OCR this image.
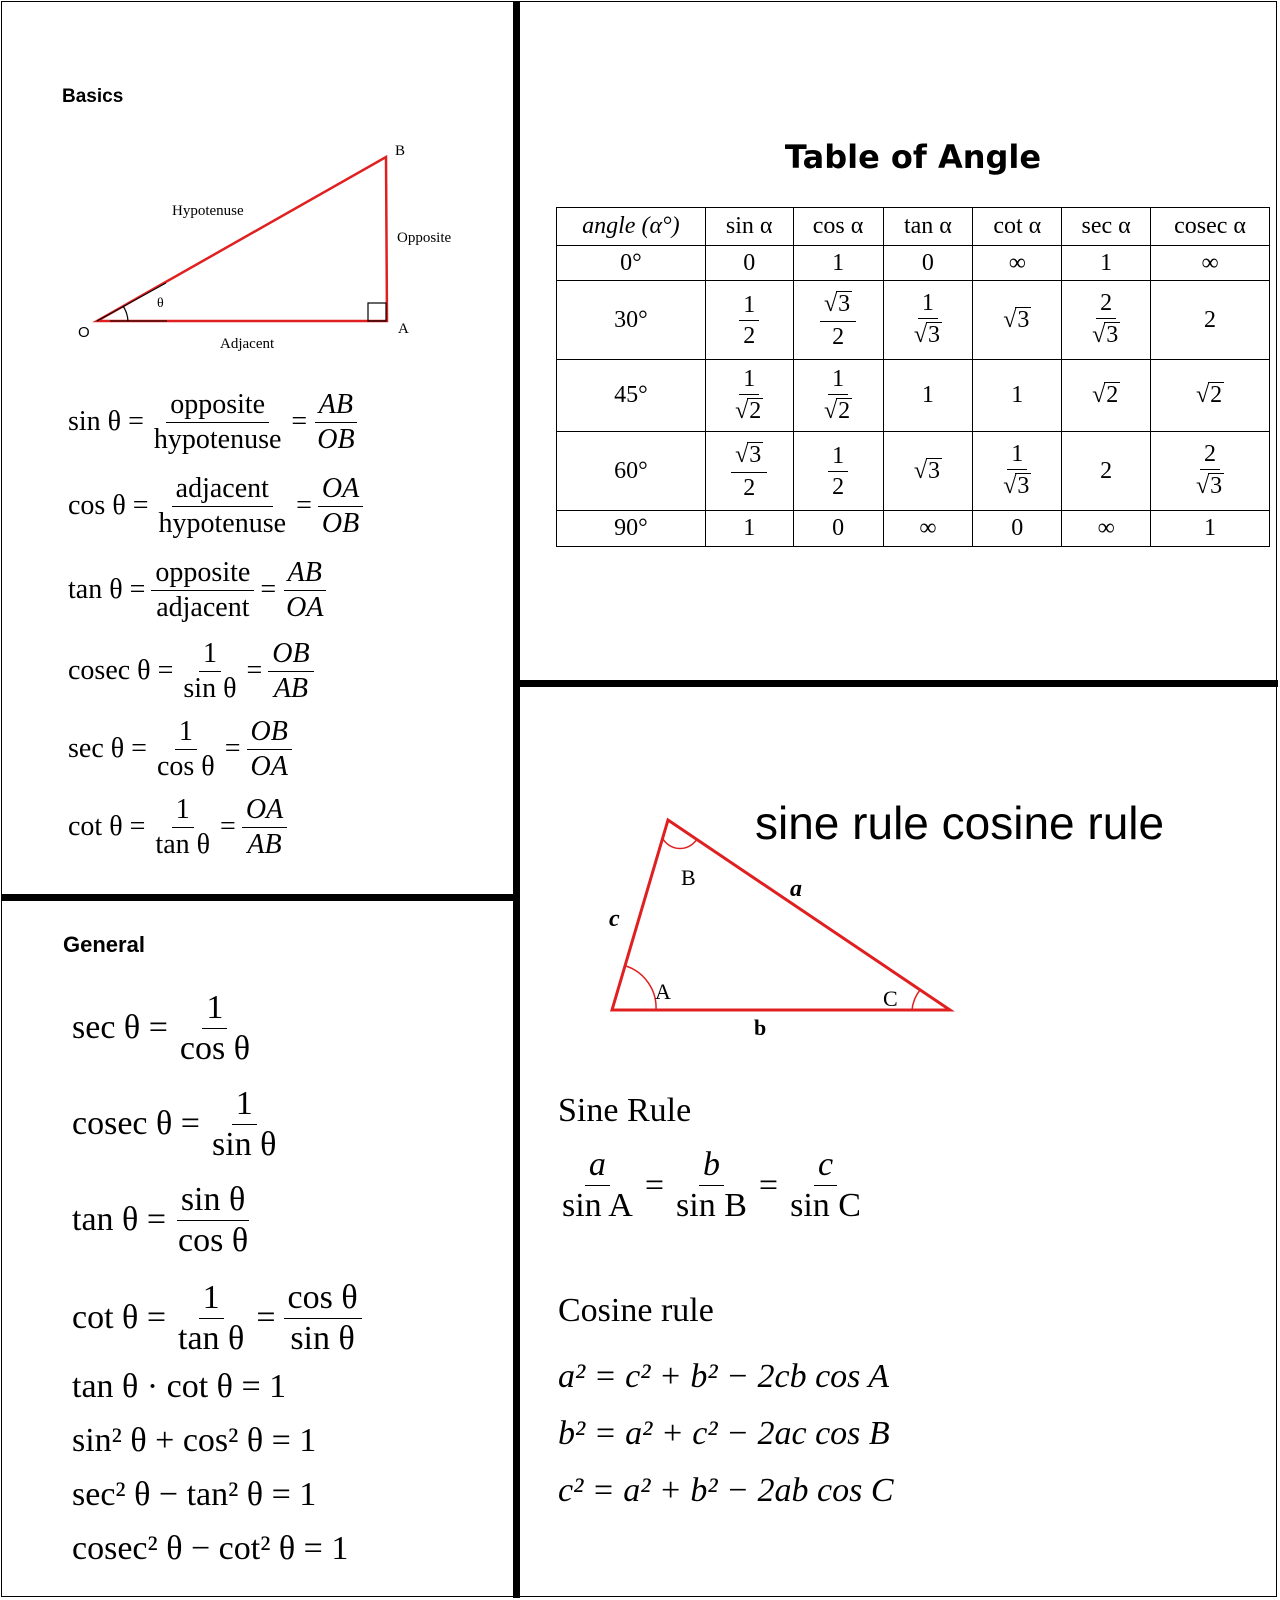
Basics
O	A
B
Hypotenuse
Opposite
Adjacent
θ
$\sin \theta = \frac{\text{opposite}}{\text{hypotenuse}} = \frac{AB}{OB}$
$\cos \theta = \frac{\text{adjacent}}{\text{hypotenuse}} = \frac{OA}{OB}$
$\tan \theta = \frac{\text{opposite}}{\text{adjacent}} = \frac{AB}{OA}$
cosec $\theta = \frac{1}{\text{sin θ}} = \frac{OB}{AB}$
$\sec \theta = \frac{1}{\text{cos θ}} = \frac{OB}{OA}$
$\cot \theta = \frac{1}{\text{tan θ}} = \frac{OA}{AB}$
Table of Angle
angle (α°)	sin α	cos α	tan α	cot α	sec α	cosec α
0°	0	1	0	∞	1	∞
30°	$\frac{1}{2}$	$\frac{√3}{2}$	$\frac{1}{√3}$	√3	$\frac{2}{√3}$	2
45°	$\frac{1}{√2}$	$\frac{1}{√2}$	1	1	√2	√2
60°	$\frac{√3}{2}$	$\frac{1}{2}$	√3	$\frac{1}{√3}$	2	$\frac{2}{√3}$

90°	1	0	∞	0	∞	1
General
$\sec \theta = \frac{1}{\text{cos θ}}$
cosec $\theta = \frac{1}{\text{sin θ}}$
$\tan \theta = \frac{\text{sin θ}}{\text{cos θ}}$
$\cot \theta = \frac{1}{\text{tan θ}} = \frac{\text{cos θ}}{\text{sin θ}}$
tan θ · cot θ = 1
sin² θ + cos² θ = 1
sec² θ − tan² θ = 1
cosec² θ − cot² θ = 1
sine rule cosine rule
A
B
C
a
b
c
Sine Rule
$\frac{a}{\text{sin A}} = \frac{b}{\text{sin B}} = \frac{c}{\text{sin C}}$
Cosine rule
a² = c² + b² − 2cb cos A
b² = a² + c² − 2ac cos B
c² = a² + b² − 2ab cos C
